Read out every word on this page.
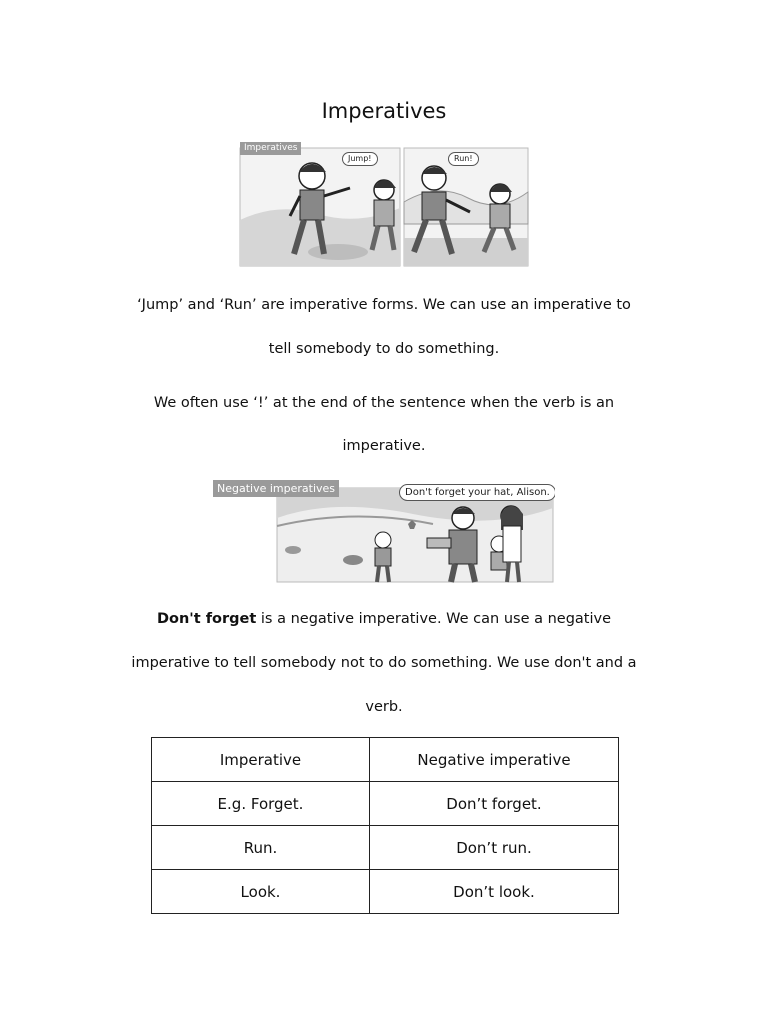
Imperatives
Imperatives
Jump!	Run!
‘Jump’ and ‘Run’ are imperative forms. We can use an imperative to
tell somebody to do something.
We often use ‘!’ at the end of the sentence when the verb is an
imperative.
Negative imperatives	Don't forget your hat, Alison.
Don't forget is a negative imperative. We can use a negative
imperative to tell somebody not to do something. We use don't and a
verb.
Imperative	Negative imperative
E.g. Forget.	Don’t forget.
Run.	Don’t run.
Look.	Don’t look.
